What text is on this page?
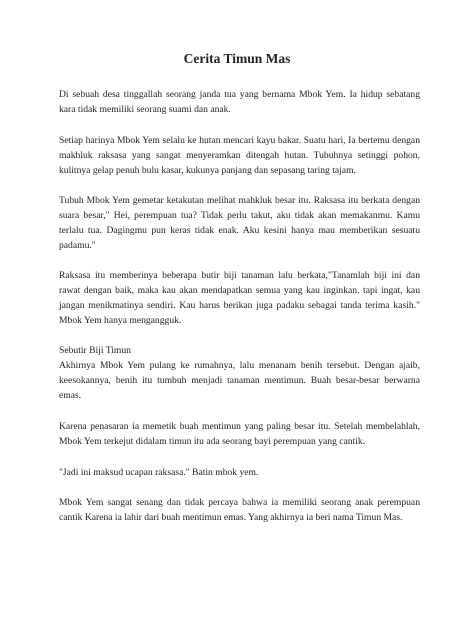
Cerita Timun Mas

Di sebuah desa tinggallah seorang janda tua yang bernama Mbok Yem. Ia hidup sebatang
kara tidak memiliki seorang suami dan anak.

Setiap harinya Mbok Yem selalu ke hutan mencari kayu bakar. Suatu hari, Ia bertemu dengan
makhluk raksasa yang sangat menyeramkan ditengah hutan. Tubuhnya setinggi pohon,
kulitnya gelap penuh bulu kasar, kukunya panjang dan sepasang taring tajam.

Tubuh Mbok Yem gemetar ketakutan melihat mahkluk besar itu. Raksasa itu berkata dengan
suara besar," Hei, perempuan tua? Tidak perlu takut, aku tidak akan memakanmu. Kamu
terlalu tua. Dagingmu pun keras tidak enak. Aku kesini hanya mau memberikan sesuatu
padamu."

Raksasa itu memberinya beberapa butir biji tanaman lalu berkata,"Tanamlah biji ini dan
rawat dengan baik, maka kau akan mendapatkan semua yang kau inginkan. tapi ingat, kau
jangan menikmatinya sendiri. Kau harus berikan juga padaku sebagai tanda terima kasih."
Mbok Yem hanya mengangguk.

Sebutir Biji Timun
Akhirnya Mbok Yem pulang ke rumahnya, lalu menanam benih tersebut. Dengan ajaib,
keesokannya, benih itu tumbuh menjadi tanaman mentimun. Buah besar-besar berwarna
emas.

Karena penasaran ia memetik buah mentimun yang paling besar itu. Setelah membelahlah,
Mbok Yem terkejut didalam timun itu ada seorang bayi perempuan yang cantik.

"Jadi ini maksud ucapan raksasa." Batin mbok yem.

Mbok Yem sangat senang dan tidak percaya bahwa ia memiliki seorang anak perempuan
cantik Karena ia lahir dari buah mentimun emas. Yang akhirnya ia beri nama Timun Mas.
